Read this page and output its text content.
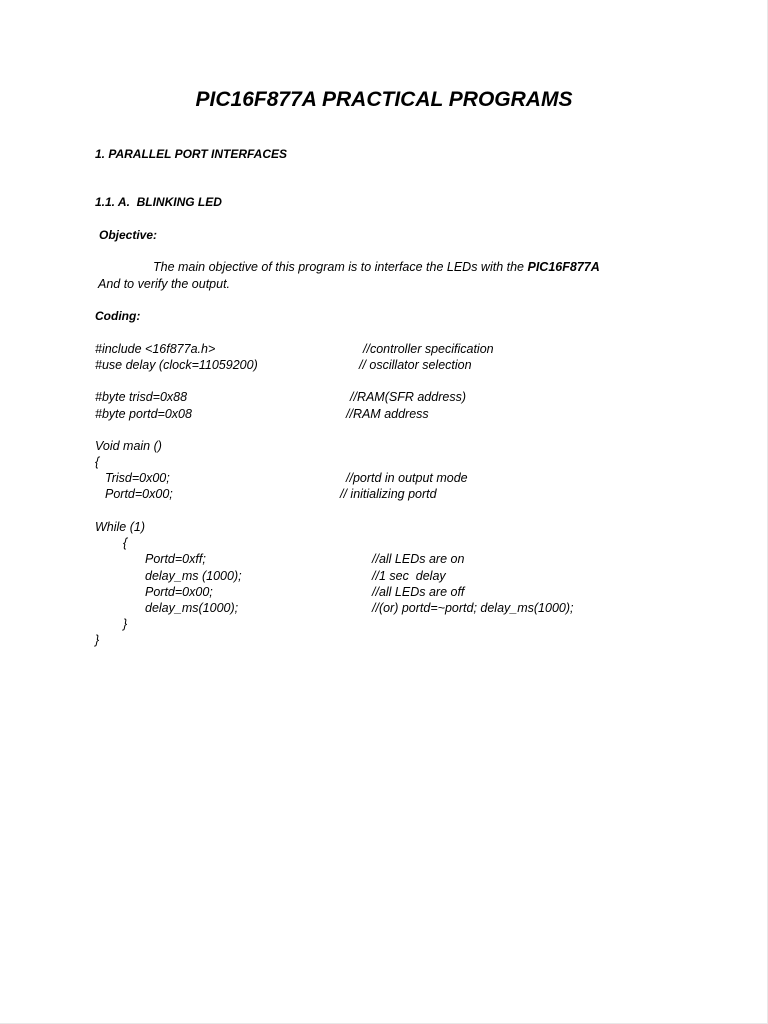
PIC16F877A PRACTICAL PROGRAMS
1. PARALLEL PORT INTERFACES
1.1. A.  BLINKING LED
Objective:
The main objective of this program is to interface the LEDs with the PIC16F877A
And to verify the output.
Coding:
#include <16f877a.h>	//controller specification
#use delay (clock=11059200)	// oscillator selection
#byte trisd=0x88	//RAM(SFR address)
#byte portd=0x08	//RAM address
Void main ()
{
Trisd=0x00;	//portd in output mode
Portd=0x00;	// initializing portd
While (1)
{
Portd=0xff;	//all LEDs are on
delay_ms (1000);	//1 sec  delay
Portd=0x00;	//all LEDs are off
delay_ms(1000);	//(or) portd=~portd; delay_ms(1000);
}
}
